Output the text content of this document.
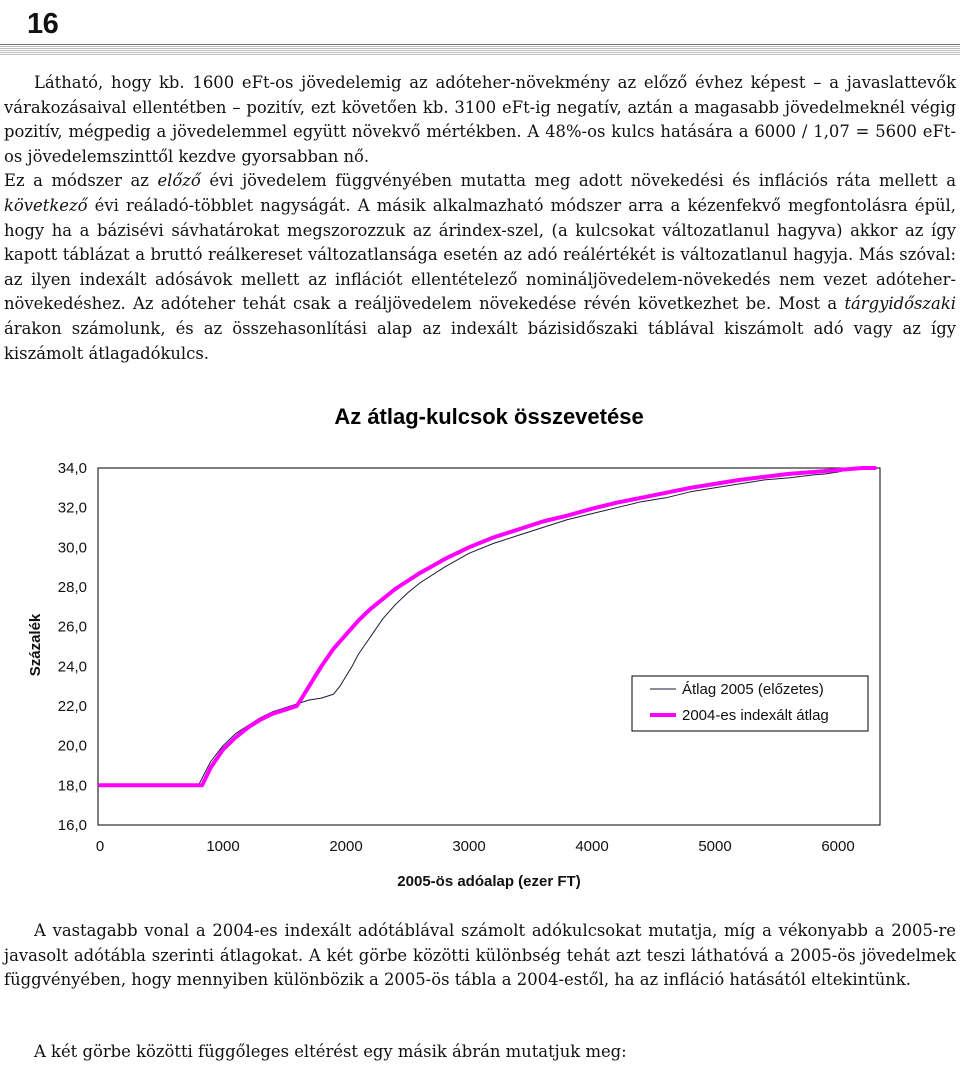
16

Látható, hogy kb. 1600 eFt-os jövedelemig az adóteher-növekmény az előző évhez képest – a javaslattevők várakozásaival ellentétben – pozitív, ezt követően kb. 3100 eFt-ig negatív, aztán a magasabb jövedelmeknél végig pozitív, mégpedig a jövedelemmel együtt növekvő mértékben. A 48%-os kulcs hatására a 6000 / 1,07 = 5600 eFt-os jövedelemszinttől kezdve gyorsabban nő.
Ez a módszer az előző évi jövedelem függvényében mutatta meg adott növekedési és inflációs ráta mellett a következő évi reáladó-többlet nagyságát. A másik alkalmazható módszer arra a kézenfekvő megfontolásra épül, hogy ha a bázisévi sávhatárokat megszorozzuk az árindex-szel, (a kulcsokat változatlanul hagyva) akkor az így kapott táblázat a bruttó reálkereset változatlansága esetén az adó reálértékét is változatlanul hagyja. Más szóval: az ilyen indexált adósávok mellett az inflációt ellentételező nomináljövedelem-növekedés nem vezet adóteher-növekedéshez. Az adóteher tehát csak a reáljövedelem növekedése révén következhet be. Most a tárgyidőszaki árakon számolunk, és az összehasonlítási alap az indexált bázisidőszaki táblával kiszámolt adó vagy az így kiszámolt átlagadókulcs.

Az átlag-kulcsok összevetése
34,0
32,0
30,0
28,0
26,0
24,0
22,0
20,0
18,0
16,0
0	1000	2000	3000	4000	5000	6000
Százalék
2005-ös adóalap (ezer FT)
Átlag 2005 (előzetes)
2004-es indexált átlag

A vastagabb vonal a 2004-es indexált adótáblával számolt adókulcsokat mutatja, míg a vékonyabb a 2005-re javasolt adótábla szerinti átlagokat. A két görbe közötti különbség tehát azt teszi láthatóvá a 2005-ös jövedelmek függvényében, hogy mennyiben különbözik a 2005-ös tábla a 2004-estől, ha az infláció hatásától eltekintünk.

A két görbe közötti függőleges eltérést egy másik ábrán mutatjuk meg:
